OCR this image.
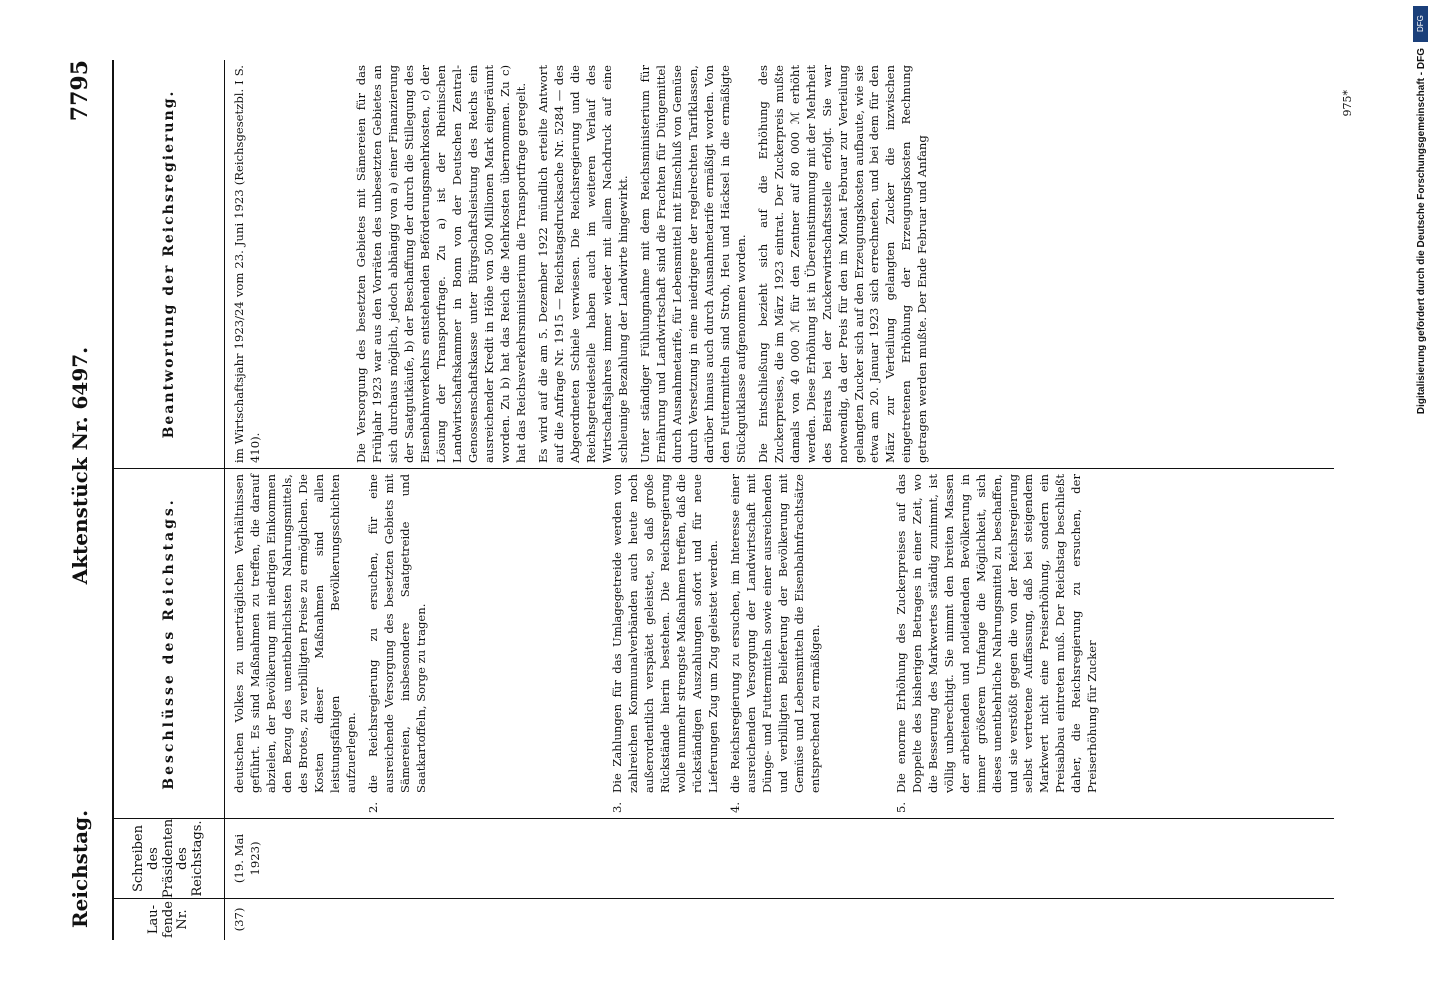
Reichstag.
Aktenstück Nr. 6497.
7795
Lau-
fende
Nr.
Schreiben
des
Präsidenten
des
Reichstags.
Beschlüsse des Reichstags.
Beantwortung der Reichsregierung.
(37)
(19. Mai
1923)
deutschen Volkes zu unerträglichen Verhältnissen geführt. Es sind Maßnahmen zu treffen, die darauf abzielen, der Bevölkerung mit niedrigen Einkommen den Bezug des unentbehrlichsten Nahrungsmittels, des Brotes, zu verbilligten Preise zu ermöglichen. Die Kosten dieser Maßnahmen sind allen leistungsfähigen Bevölkerungsschichten aufzuerlegen.
2.
die Reichsregierung zu ersuchen, für eine ausreichende Versorgung des besetzten Gebiets mit Sämereien, insbesondere Saatgetreide und Saatkartoffeln, Sorge zu tragen.
3.
Die Zahlungen für das Umlagegetreide werden von zahlreichen Kommunalverbänden auch heute noch außerordentlich verspätet geleistet, so daß große Rückstände hierin bestehen. Die Reichsregierung wolle nunmehr strengste Maßnahmen treffen, daß die rückständigen Auszahlungen sofort und für neue Lieferungen Zug um Zug geleistet werden.
4.
die Reichsregierung zu ersuchen, im Interesse einer ausreichenden Versorgung der Landwirtschaft mit Dünge- und Futtermitteln sowie einer ausreichenden und verbilligten Belieferung der Bevölkerung mit Gemüse und Lebensmitteln die Eisenbahnfrachtsätze entsprechend zu ermäßigen.
5.
Die enorme Erhöhung des Zuckerpreises auf das Doppelte des bisherigen Betrages in einer Zeit, wo die Besserung des Markwertes ständig zunimmt, ist völlig unberechtigt. Sie nimmt den breiten Massen der arbeitenden und notleidenden Bevölkerung in immer größerem Umfange die Möglichkeit, sich dieses unentbehrliche Nahrungsmittel zu beschaffen, und sie verstößt gegen die von der Reichsregierung selbst vertretene Auffassung, daß bei steigendem Markwert nicht eine Preiserhöhung, sondern ein Preisabbau eintreten muß. Der Reichstag beschließt daher, die Reichsregierung zu ersuchen, der Preiserhöhung für Zucker
im Wirtschaftsjahr 1923/24 vom 23. Juni 1923 (Reichsgesetzbl. I S. 410).	Die Versorgung des besetzten Gebietes mit Sämereien für das Frühjahr 1923 war aus den Vorräten des unbesetzten Gebietes an sich durchaus möglich, jedoch abhängig von a) einer Finanzierung der Saatgutkäufe, b) der Beschaffung der durch die Stillegung des Eisenbahnverkehrs entstehenden Beförderungsmehrkosten, c) der Lösung der Transportfrage. Zu a) ist der Rheinischen Landwirtschaftskammer in Bonn von der Deutschen Zentral-Genossenschaftskasse unter Bürgschaftsleistung des Reichs ein ausreichender Kredit in Höhe von 500 Millionen Mark eingeräumt worden. Zu b) hat das Reich die Mehrkosten übernommen. Zu c) hat das Reichsverkehrsministerium die Transportfrage geregelt. Es wird auf die am 5. Dezember 1922 mündlich erteilte Antwort auf die Anfrage Nr. 1915 — Reichstagsdrucksache Nr. 5284 — des Abgeordneten Schiele verwiesen. Die Reichsregierung und die Reichsgetreidestelle haben auch im weiteren Verlauf des Wirtschaftsjahres immer wieder mit allem Nachdruck auf eine schleunige Bezahlung der Landwirte hingewirkt. Unter ständiger Fühlungnahme mit dem Reichsministerium für Ernährung und Landwirtschaft sind die Frachten für Düngemittel durch Ausnahmetarife, für Lebensmittel mit Einschluß von Gemüse durch Versetzung in eine niedrigere der regelrechten Tarifklassen, darüber hinaus auch durch Ausnahmetarife ermäßigt worden. Von den Futtermitteln sind Stroh, Heu und Häcksel in die ermäßigte Stückgutklasse aufgenommen worden. Die Entschließung bezieht sich auf die Erhöhung des Zuckerpreises, die im März 1923 eintrat. Der Zuckerpreis mußte damals von 40 000 ℳ für den Zentner auf 80 000 ℳ erhöht werden. Diese Erhöhung ist in Übereinstimmung mit der Mehrheit des Beirats bei der Zuckerwirtschaftsstelle erfolgt. Sie war notwendig, da der Preis für den im Monat Februar zur Verteilung gelangten Zucker sich auf den Erzeugungskosten aufbaute, wie sie etwa am 20. Januar 1923 sich errechneten, und bei dem für den März zur Verteilung gelangten Zucker die inzwischen eingetretenen Erhöhung der Erzeugungskosten Rechnung getragen werden mußte. Der Ende Februar und Anfang
975*
DFG
Digitalisierung gefördert durch die Deutsche Forschungsgemeinschaft - DFG
